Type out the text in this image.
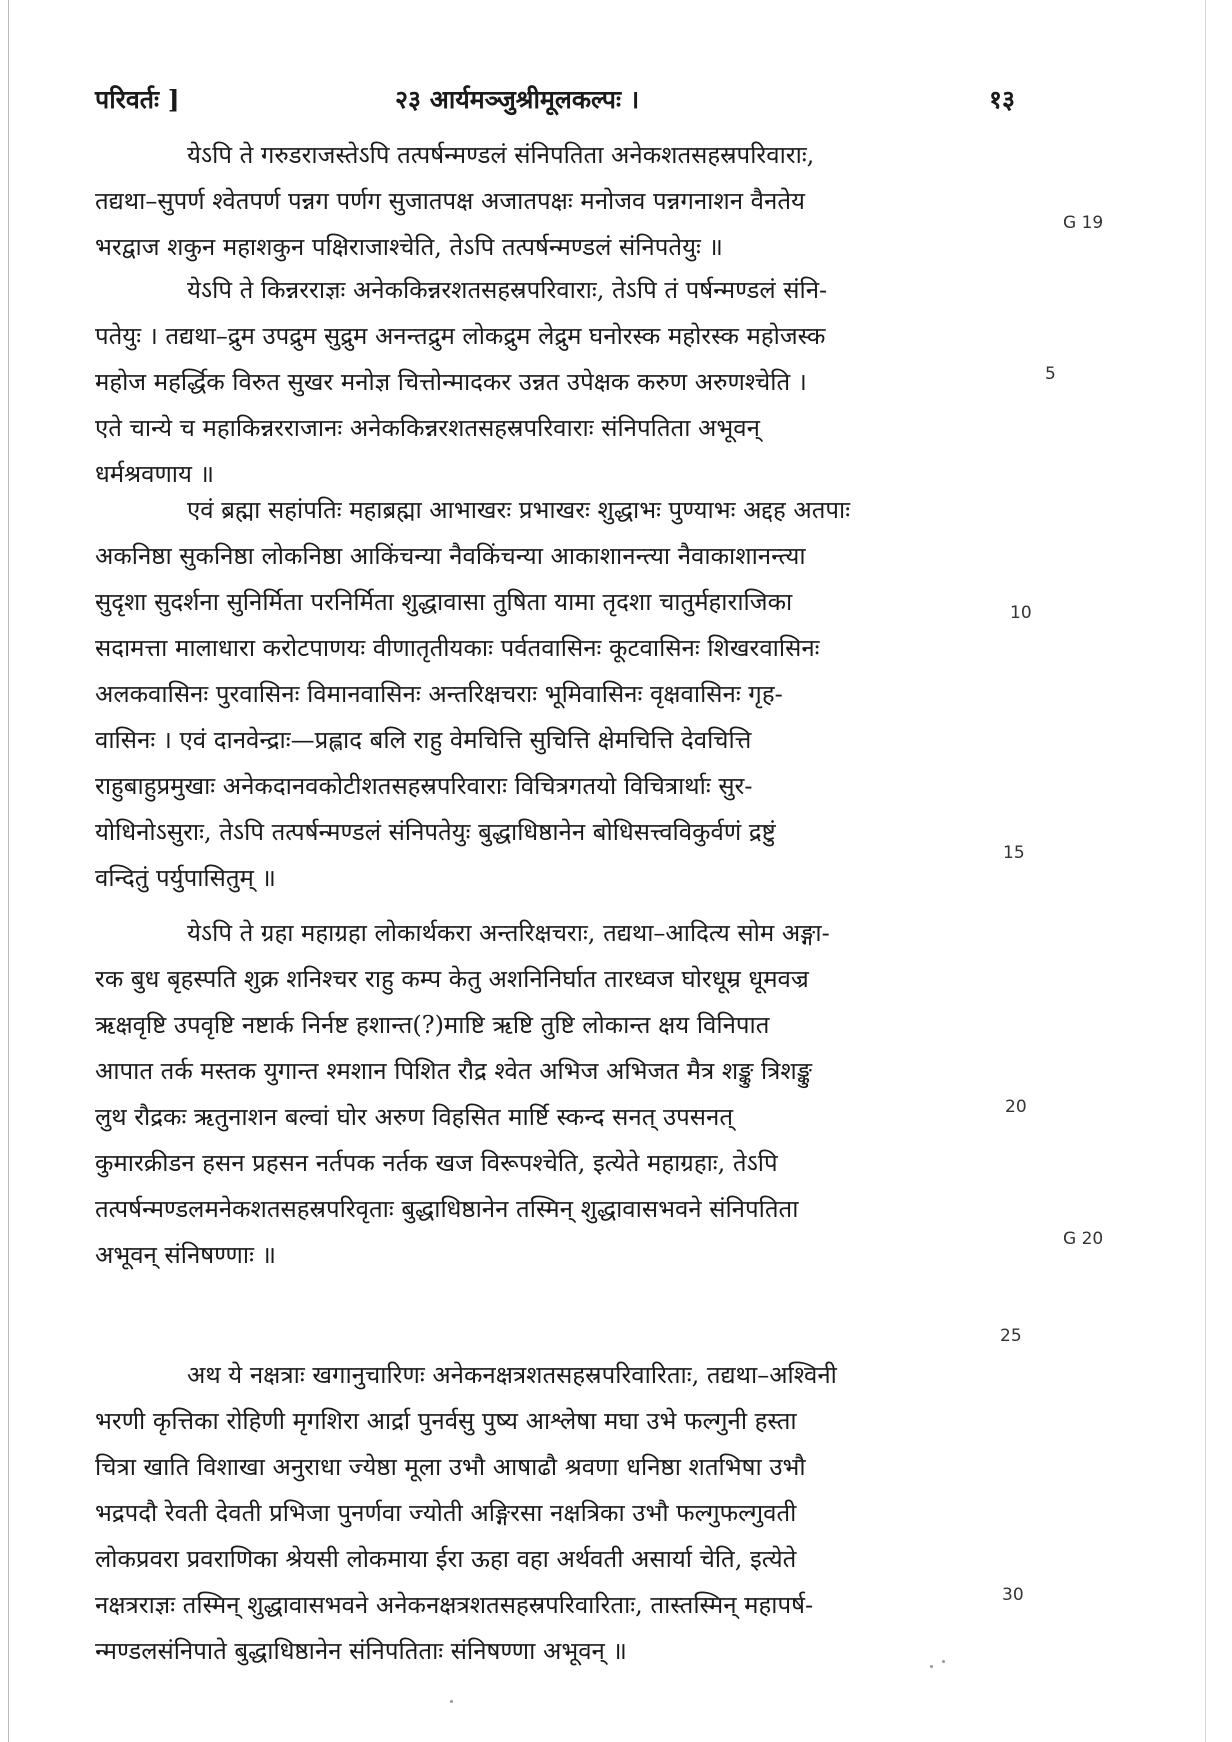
परिवर्तः ]	२३ आर्यमञ्जुश्रीमूलकल्पः ।	१३
येऽपि ते गरुडराजस्तेऽपि तत्पर्षन्मण्डलं संनिपतिता अनेकशतसहस्रपरिवाराः,
तद्यथा–सुपर्ण श्वेतपर्ण पन्नग पर्णग सुजातपक्ष अजातपक्षः मनोजव पन्नगनाशन वैनतेय
भरद्वाज शकुन महाशकुन पक्षिराजाश्चेति, तेऽपि तत्पर्षन्मण्डलं संनिपतेयुः ॥
येऽपि ते किन्नरराज्ञः अनेककिन्नरशतसहस्रपरिवाराः, तेऽपि तं पर्षन्मण्डलं संनि-
पतेयुः । तद्यथा–द्रुम उपद्रुम सुद्रुम अनन्तद्रुम लोकद्रुम लेद्रुम घनोरस्क महोरस्क महोजस्क
महोज महर्द्धिक विरुत सुखर मनोज्ञ चित्तोन्मादकर उन्नत उपेक्षक करुण अरुणश्चेति ।
एते चान्ये च महाकिन्नरराजानः अनेककिन्नरशतसहस्रपरिवाराः संनिपतिता अभूवन्
धर्मश्रवणाय ॥
एवं ब्रह्मा सहांपतिः महाब्रह्मा आभाखरः प्रभाखरः शुद्धाभः पुण्याभः अद्दह अतपाः
अकनिष्ठा सुकनिष्ठा लोकनिष्ठा आकिंचन्या नैवकिंचन्या आकाशानन्त्या नैवाकाशानन्त्या
सुदृशा सुदर्शना सुनिर्मिता परनिर्मिता शुद्धावासा तुषिता यामा तृदशा चातुर्महाराजिका
सदामत्ता मालाधारा करोटपाणयः वीणातृतीयकाः पर्वतवासिनः कूटवासिनः शिखरवासिनः
अलकवासिनः पुरवासिनः विमानवासिनः अन्तरिक्षचराः भूमिवासिनः वृक्षवासिनः गृह-
वासिनः । एवं दानवेन्द्राः—प्रह्लाद बलि राहु वेमचित्ति सुचित्ति क्षेमचित्ति देवचित्ति
राहुबाहुप्रमुखाः अनेकदानवकोटीशतसहस्रपरिवाराः विचित्रगतयो विचित्रार्थाः सुर-
योधिनोऽसुराः, तेऽपि तत्पर्षन्मण्डलं संनिपतेयुः बुद्धाधिष्ठानेन बोधिसत्त्वविकुर्वणं द्रष्टुं
वन्दितुं पर्युपासितुम् ॥
येऽपि ते ग्रहा महाग्रहा लोकार्थकरा अन्तरिक्षचराः, तद्यथा–आदित्य सोम अङ्गा-
रक बुध बृहस्पति शुक्र शनिश्चर राहु कम्प केतु अशनिनिर्घात तारध्वज घोरधूम्र धूमवज्र
ऋक्षवृष्टि उपवृष्टि नष्टार्क निर्नष्ट हशान्त(?)माष्टि ऋष्टि तुष्टि लोकान्त क्षय विनिपात
आपात तर्क मस्तक युगान्त श्मशान पिशित रौद्र श्वेत अभिज अभिजत मैत्र शङ्कु त्रिशङ्कु
लुथ रौद्रकः ऋतुनाशन बल्वां घोर अरुण विहसित मार्ष्टि स्कन्द सनत् उपसनत्
कुमारक्रीडन हसन प्रहसन नर्तपक नर्तक खज विरूपश्चेति, इत्येते महाग्रहाः, तेऽपि
तत्पर्षन्मण्डलमनेकशतसहस्रपरिवृताः बुद्धाधिष्ठानेन तस्मिन् शुद्धावासभवने संनिपतिता
अभूवन् संनिषण्णाः ॥
अथ ये नक्षत्राः खगानुचारिणः अनेकनक्षत्रशतसहस्रपरिवारिताः, तद्यथा–अश्विनी
भरणी कृत्तिका रोहिणी मृगशिरा आर्द्रा पुनर्वसु पुष्य आश्लेषा मघा उभे फल्गुनी हस्ता
चित्रा खाति विशाखा अनुराधा ज्येष्ठा मूला उभौ आषाढौ श्रवणा धनिष्ठा शतभिषा उभौ
भद्रपदौ रेवती देवती प्रभिजा पुनर्णवा ज्योती अङ्गिरसा नक्षत्रिका उभौ फल्गुफल्गुवती
लोकप्रवरा प्रवराणिका श्रेयसी लोकमाया ईरा ऊहा वहा अर्थवती असार्या चेति, इत्येते
नक्षत्रराज्ञः तस्मिन् शुद्धावासभवने अनेकनक्षत्रशतसहस्रपरिवारिताः, तास्तस्मिन् महापर्ष-
न्मण्डलसंनिपाते बुद्धाधिष्ठानेन संनिपतिताः संनिषण्णा अभूवन् ॥
5
10
15
20
25
30
G 19
G 20
